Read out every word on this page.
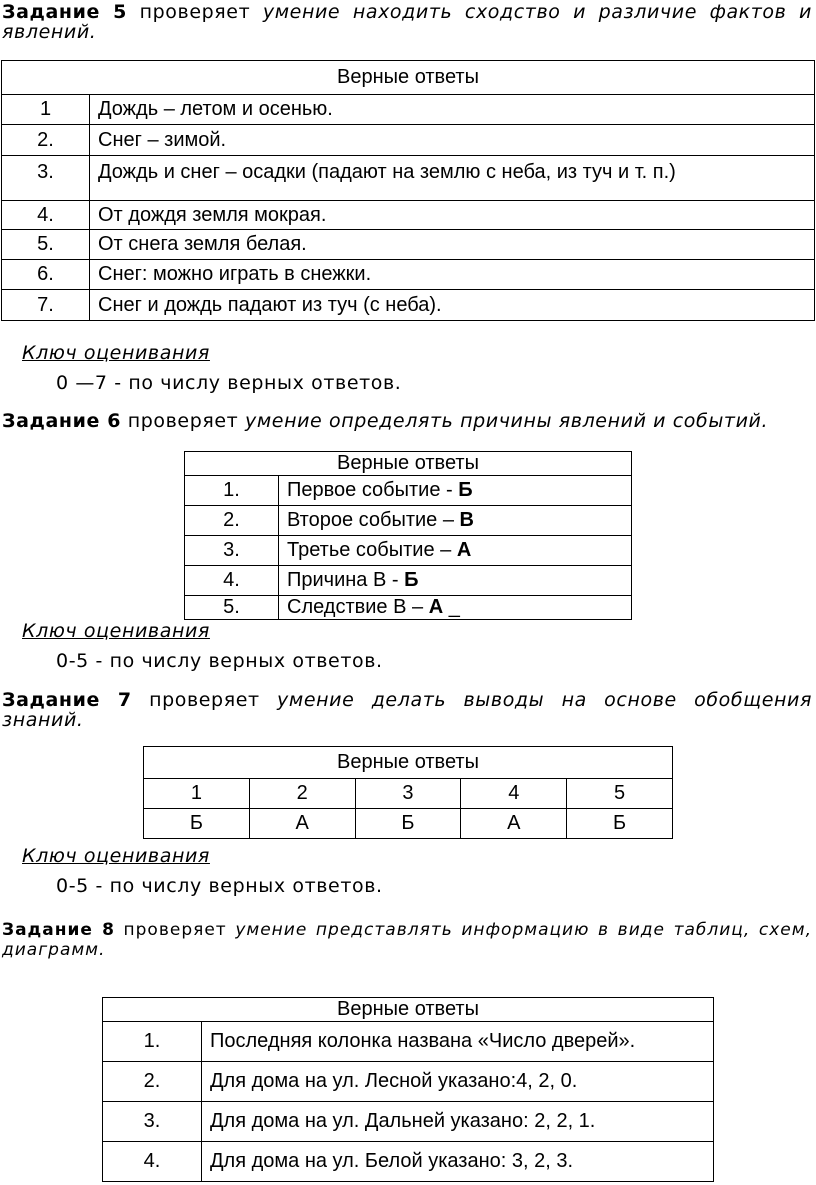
Задание 5 проверяет умение находить сходство и различие фактов и явлений.
Верные ответы	
1	Дождь – летом и осенью.
2.	Снег – зимой.
3.	Дождь и снег – осадки (падают на землю с неба, из туч и т. п.)
4.	От дождя земля мокрая.
5.	От снега земля белая.
6.	Снег: можно играть в снежки.
7.	Снег и дождь падают из туч (с неба).
Ключ оценивания
0 —7 - по числу верных ответов.
Задание 6 проверяет умение определять причины явлений и событий.
Верные ответы	
1.	Первое событие - Б
2.	Второе событие – В
3.	Третье событие – А
4.	Причина В - Б
5.	Следствие В – А _
Ключ оценивания
0-5 - по числу верных ответов.
Задание 7 проверяет умение делать выводы на основе обобщения знаний.
Верные ответы				
1	2	3	4	5
Б	А	Б	А	Б
Ключ оценивания
0-5 - по числу верных ответов.
Задание 8 проверяет умение представлять информацию в виде таблиц, схем, диаграмм.
Верные ответы	
1.	Последняя колонка названа «Число дверей».
2.	Для дома на ул. Лесной указано:4, 2, 0.
3.	Для дома на ул. Дальней указано: 2, 2, 1.
4.	Для дома на ул. Белой указано: 3, 2, 3.
